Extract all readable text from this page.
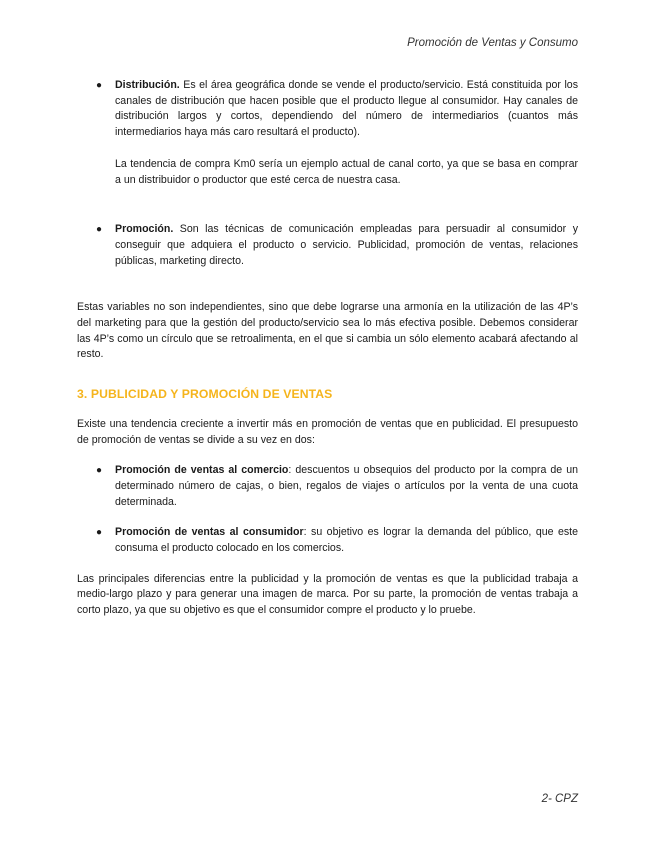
Promoción de Ventas y Consumo
● Distribución. Es el área geográfica donde se vende el producto/servicio. Está constituida por los canales de distribución que hacen posible que el producto llegue al consumidor. Hay canales de distribución largos y cortos, dependiendo del número de intermediarios (cuantos más intermediarios haya más caro resultará el producto).

La tendencia de compra Km0 sería un ejemplo actual de canal corto, ya que se basa en comprar a un distribuidor o productor que esté cerca de nuestra casa.

● Promoción. Son las técnicas de comunicación empleadas para persuadir al consumidor y conseguir que adquiera el producto o servicio. Publicidad, promoción de ventas, relaciones públicas, marketing directo.

Estas variables no son independientes, sino que debe lograrse una armonía en la utilización de las 4P’s del marketing para que la gestión del producto/servicio sea lo más efectiva posible. Debemos considerar las 4P’s como un círculo que se retroalimenta, en el que si cambia un sólo elemento acabará afectando al resto.

3. PUBLICIDAD Y PROMOCIÓN DE VENTAS

Existe una tendencia creciente a invertir más en promoción de ventas que en publicidad. El presupuesto de promoción de ventas se divide a su vez en dos:

● Promoción de ventas al comercio: descuentos u obsequios del producto por la compra de un determinado número de cajas, o bien, regalos de viajes o artículos por la venta de una cuota determinada.

● Promoción de ventas al consumidor: su objetivo es lograr la demanda del público, que este consuma el producto colocado en los comercios.

Las principales diferencias entre la publicidad y la promoción de ventas es que la publicidad trabaja a medio-largo plazo y para generar una imagen de marca. Por su parte, la promoción de ventas trabaja a corto plazo, ya que su objetivo es que el consumidor compre el producto y lo pruebe.

2- CPZ
